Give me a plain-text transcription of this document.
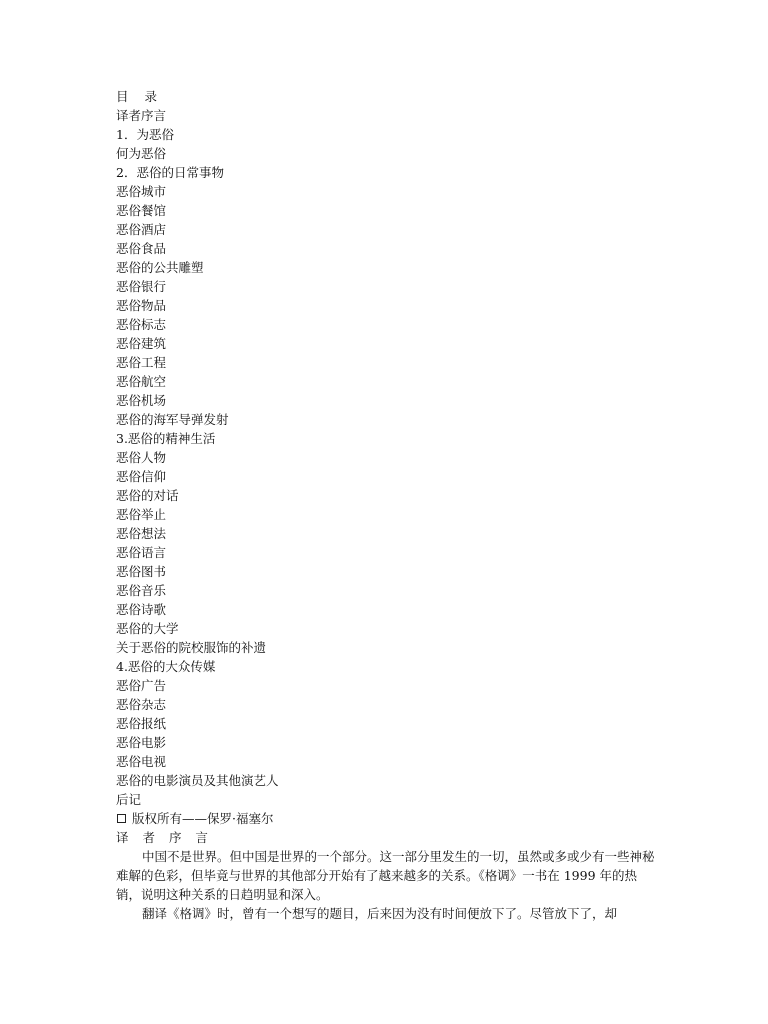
目 录
译者序言
1．为恶俗
何为恶俗
2．恶俗的日常事物
恶俗城市
恶俗餐馆
恶俗酒店
恶俗食品
恶俗的公共雕塑
恶俗银行
恶俗物品
恶俗标志
恶俗建筑
恶俗工程
恶俗航空
恶俗机场
恶俗的海军导弹发射
3.恶俗的精神生活
恶俗人物
恶俗信仰
恶俗的对话
恶俗举止
恶俗想法
恶俗语言
恶俗图书
恶俗音乐
恶俗诗歌
恶俗的大学
关于恶俗的院校服饰的补遗
4.恶俗的大众传媒
恶俗广告
恶俗杂志
恶俗报纸
恶俗电影
恶俗电视
恶俗的电影演员及其他演艺人
后记
版权所有——保罗·福塞尔
译 者 序 言

中国不是世界。但中国是世界的一个部分。这一部分里发生的一切，虽然或多或少有一些神秘难解的色彩，但毕竟与世界的其他部分开始有了越来越多的关系。《格调》一书在 1999 年的热销，说明这种关系的日趋明显和深入。

翻译《格调》时，曾有一个想写的题目，后来因为没有时间便放下了。尽管放下了，却
